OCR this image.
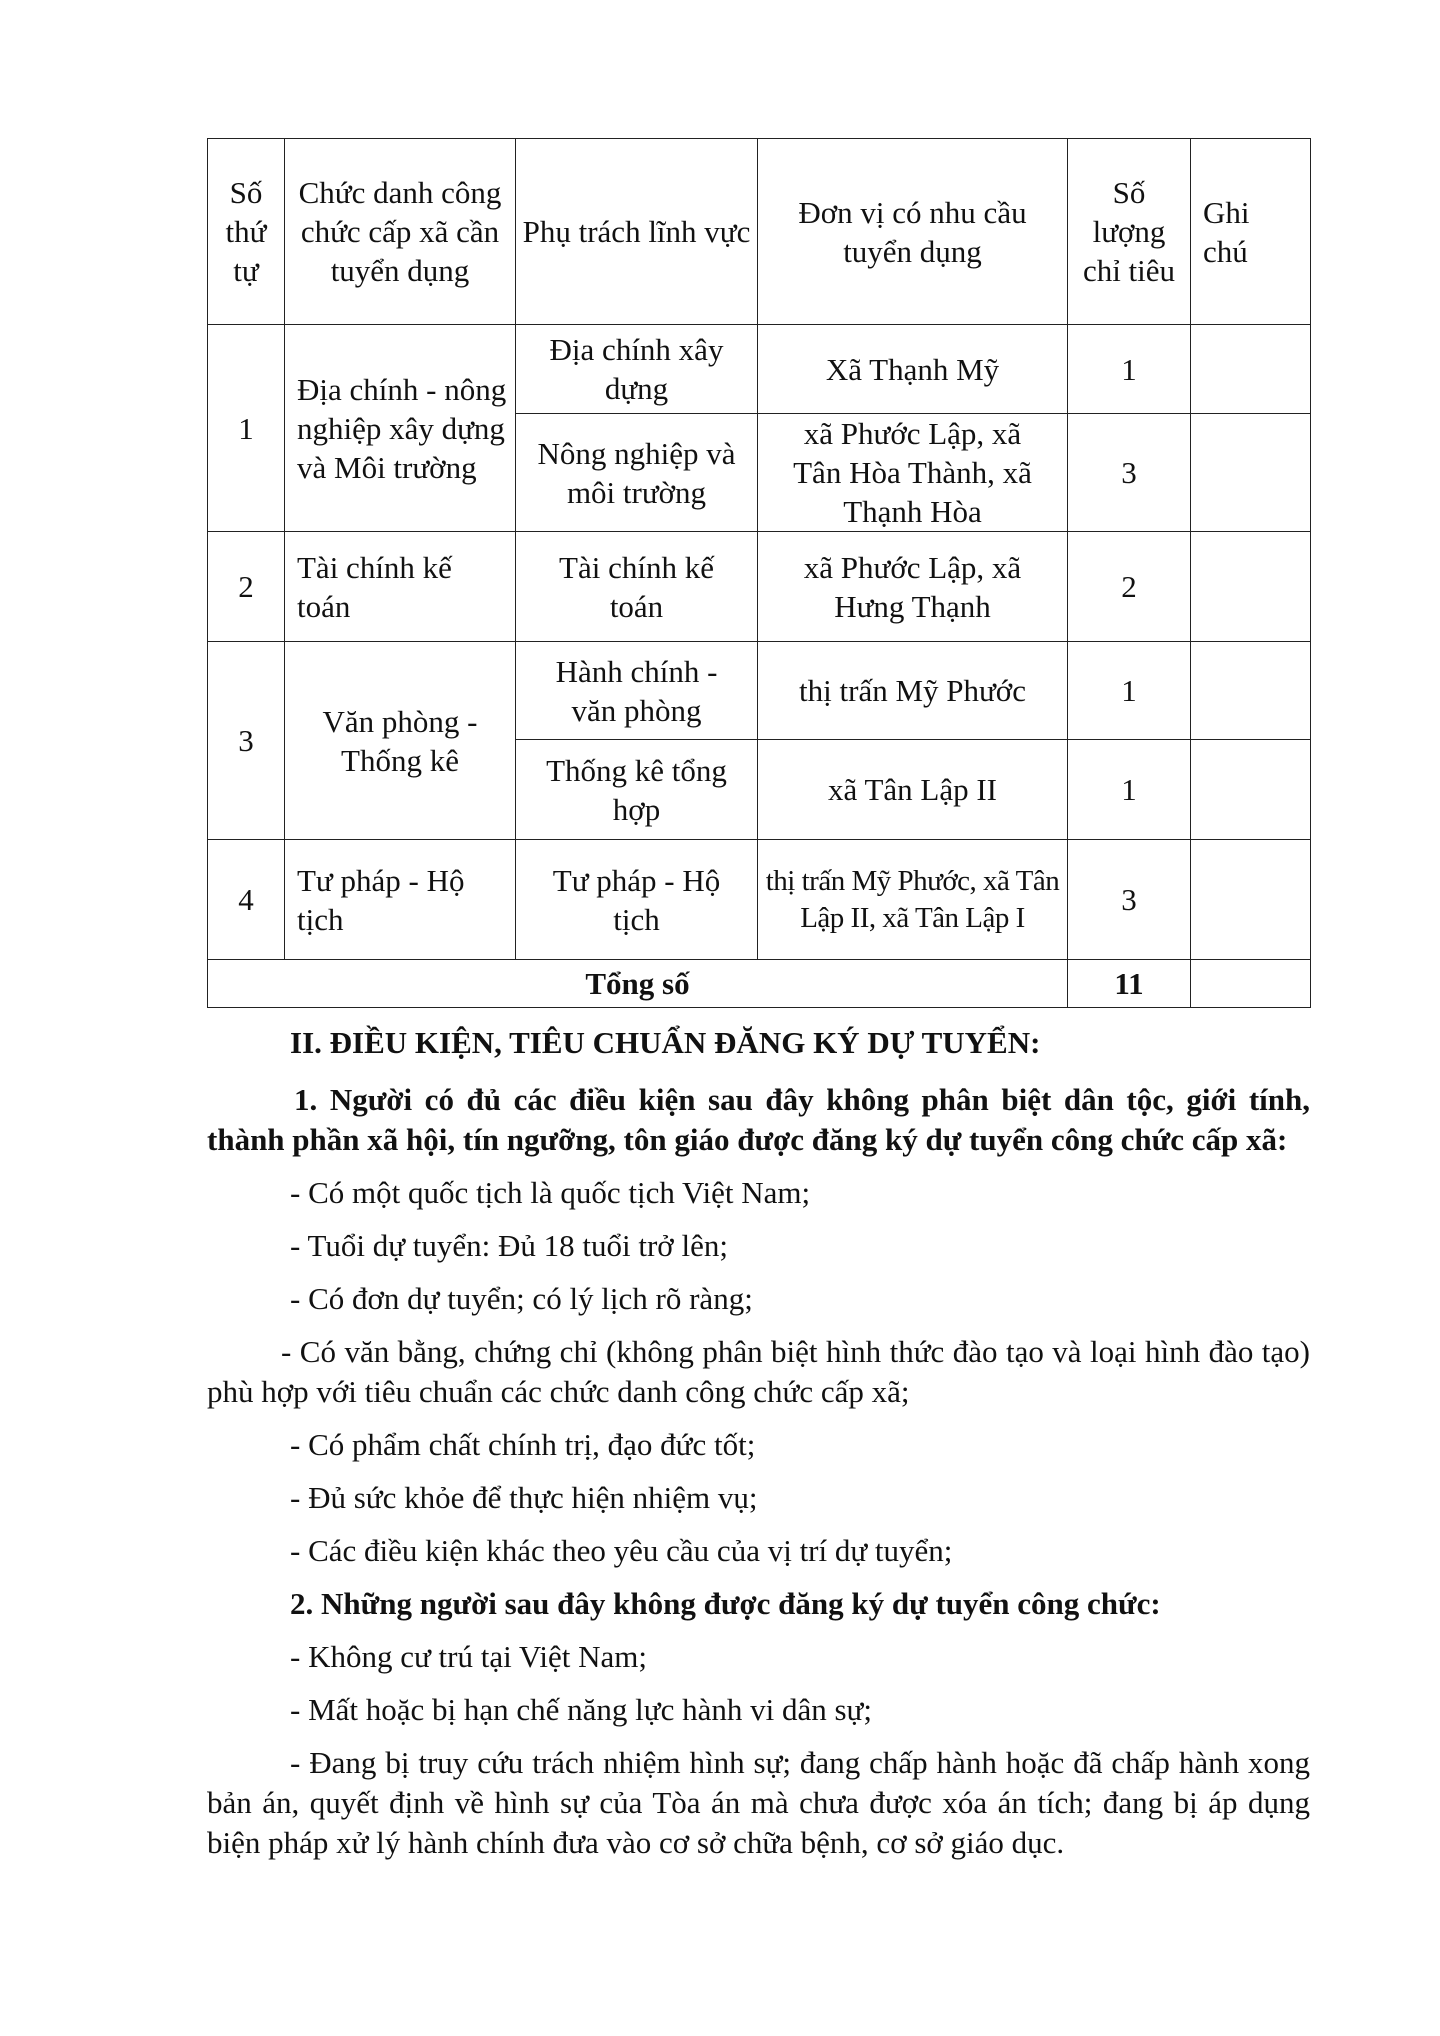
Số thứ tự	Chức danh công chức cấp xã cần tuyển dụng	Phụ trách lĩnh vực	Đơn vị có nhu cầu tuyển dụng	Số lượng chỉ tiêu	Ghi chú
1	Địa chính - nông nghiệp xây dựng và Môi trường	Địa chính xây dựng	Xã Thạnh Mỹ	1	
		Nông nghiệp và môi trường	xã Phước Lập, xã Tân Hòa Thành, xã Thạnh Hòa	3	
2	Tài chính kế toán	Tài chính kế toán	xã Phước Lập, xã Hưng Thạnh	2	
3	Văn phòng - Thống kê	Hành chính - văn phòng	thị trấn Mỹ Phước	1	
		Thống kê tổng hợp	xã Tân Lập II	1	
4	Tư pháp - Hộ tịch	Tư pháp - Hộ tịch	thị trấn Mỹ Phước, xã Tân Lập II, xã Tân Lập I	3	
Tổng số				11	
II. ĐIỀU KIỆN, TIÊU CHUẨN ĐĂNG KÝ DỰ TUYỂN:
1. Người có đủ các điều kiện sau đây không phân biệt dân tộc, giới tính, thành phần xã hội, tín ngưỡng, tôn giáo được đăng ký dự tuyển công chức cấp xã:
- Có một quốc tịch là quốc tịch Việt Nam;
- Tuổi dự tuyển: Đủ 18 tuổi trở lên;
- Có đơn dự tuyển; có lý lịch rõ ràng;
- Có văn bằng, chứng chỉ (không phân biệt hình thức đào tạo và loại hình đào tạo) phù hợp với tiêu chuẩn các chức danh công chức cấp xã;
- Có phẩm chất chính trị, đạo đức tốt;
- Đủ sức khỏe để thực hiện nhiệm vụ;
- Các điều kiện khác theo yêu cầu của vị trí dự tuyển;
2. Những người sau đây không được đăng ký dự tuyển công chức:
- Không cư trú tại Việt Nam;
- Mất hoặc bị hạn chế năng lực hành vi dân sự;
- Đang bị truy cứu trách nhiệm hình sự; đang chấp hành hoặc đã chấp hành xong bản án, quyết định về hình sự của Tòa án mà chưa được xóa án tích; đang bị áp dụng biện pháp xử lý hành chính đưa vào cơ sở chữa bệnh, cơ sở giáo dục.
